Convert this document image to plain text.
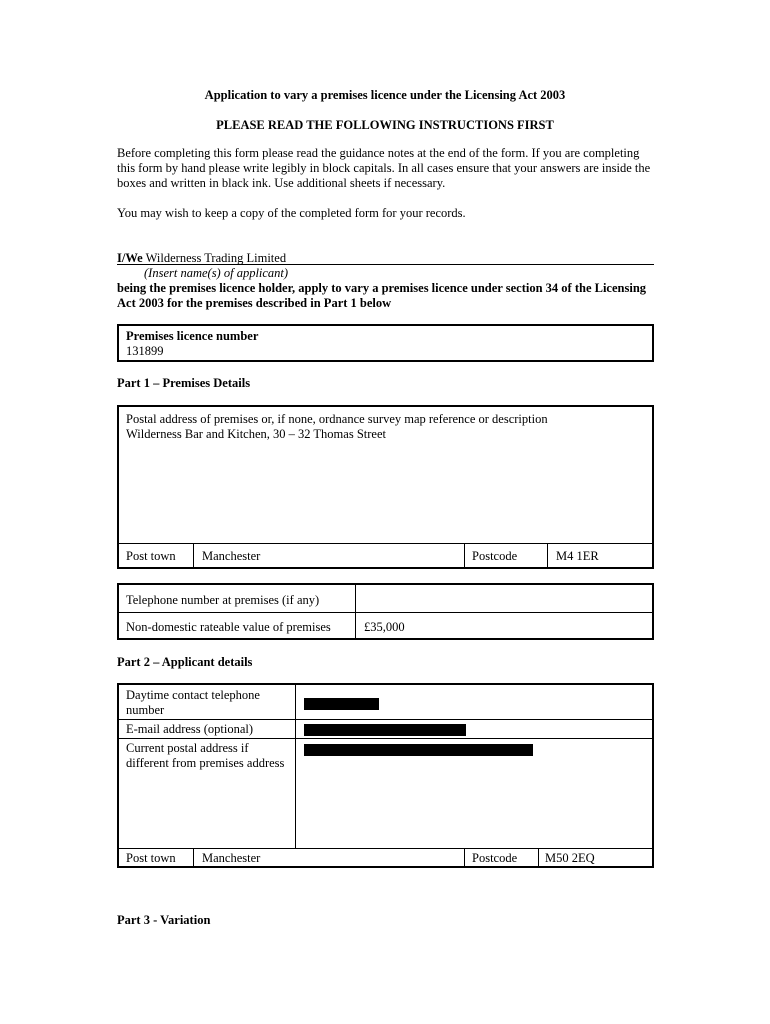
Application to vary a premises licence under the Licensing Act 2003
PLEASE READ THE FOLLOWING INSTRUCTIONS FIRST
Before completing this form please read the guidance notes at the end of the form. If you are completing this form by hand please write legibly in block capitals. In all cases ensure that your answers are inside the boxes and written in black ink. Use additional sheets if necessary.
You may wish to keep a copy of the completed form for your records.
I/We Wilderness Trading Limited
(Insert name(s) of applicant)
being the premises licence holder, apply to vary a premises licence under section 34 of the Licensing Act 2003 for the premises described in Part 1 below
Premises licence number
131899
Part 1 – Premises Details
Postal address of premises or, if none, ordnance survey map reference or description
Wilderness Bar and Kitchen, 30 – 32 Thomas Street
Post town Manchester	Postcode	M4 1ER
Telephone number at premises (if any)
Non-domestic rateable value of premises	£35,000
Part 2 – Applicant details
Daytime contact telephone number
E-mail address (optional)
Current postal address if different from premises address
Post town Manchester	Postcode M50 2EQ
Part 3 - Variation
